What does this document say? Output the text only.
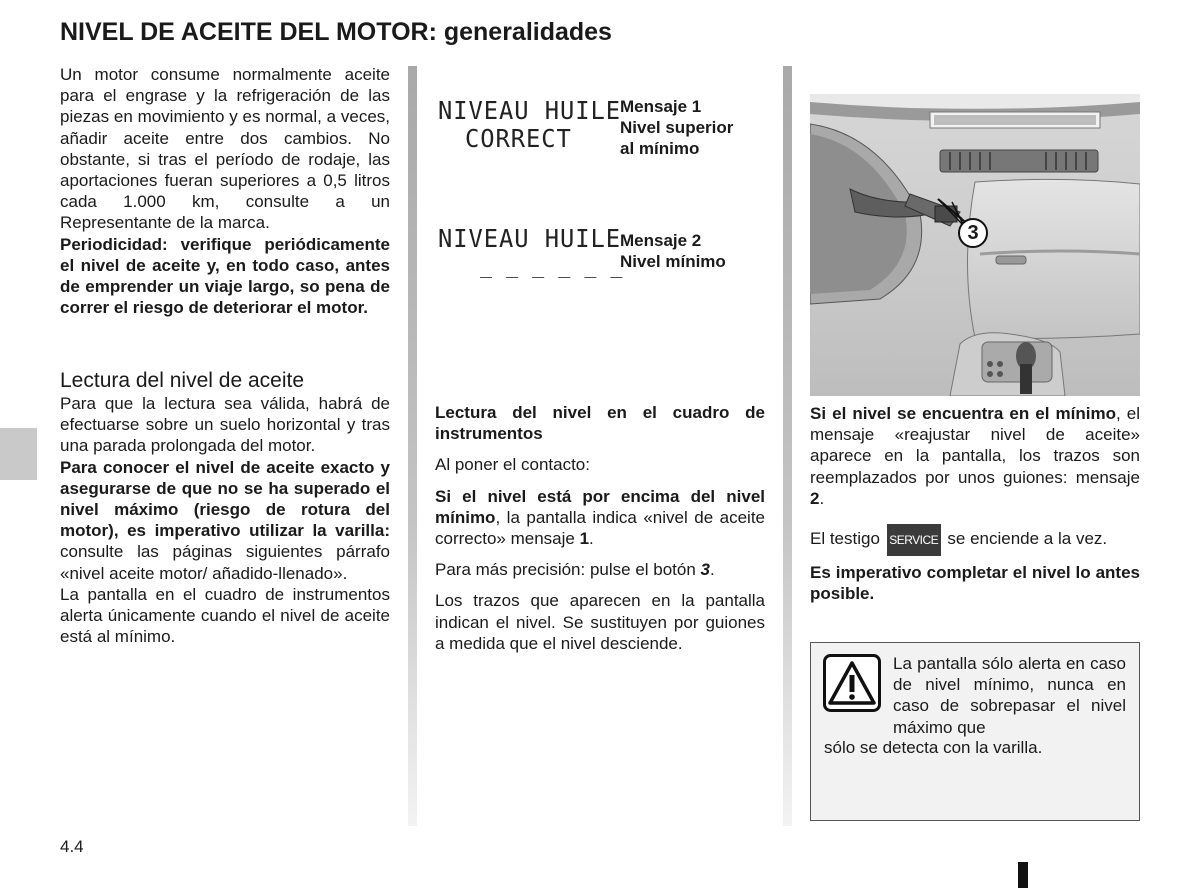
NIVEL DE ACEITE DEL MOTOR: generalidades

Un motor consume normalmente aceite para el engrase y la refrigeración de las piezas en movimiento y es normal, a veces, añadir aceite entre dos cambios. No obstante, si tras el período de rodaje, las aportaciones fueran superiores a 0,5 litros cada 1.000 km, consulte a un Representante de la marca.

Periodicidad: verifique periódicamente el nivel de aceite y, en todo caso, antes de emprender un viaje largo, so pena de correr el riesgo de deteriorar el motor.

Lectura del nivel de aceite

Para que la lectura sea válida, habrá de efectuarse sobre un suelo horizontal y tras una parada prolongada del motor.

Para conocer el nivel de aceite exacto y asegurarse de que no se ha superado el nivel máximo (riesgo de rotura del motor), es imperativo utilizar la varilla: consulte las páginas siguientes párrafo «nivel aceite motor/ añadido-llenado».

La pantalla en el cuadro de instrumentos alerta únicamente cuando el nivel de aceite está al mínimo.

NIVEAU HUILE
CORRECT
Mensaje 1
Nivel superior
al mínimo
NIVEAU HUILE
_ _ _ _ _ _
Mensaje 2
Nivel mínimo

Lectura del nivel en el cuadro de instrumentos

Al poner el contacto:

Si el nivel está por encima del nivel mínimo, la pantalla indica «nivel de aceite correcto» mensaje 1.

Para más precisión: pulse el botón 3.

Los trazos que aparecen en la pantalla indican el nivel. Se sustituyen por guiones a medida que el nivel desciende.

3

Si el nivel se encuentra en el mínimo, el mensaje «reajustar nivel de aceite» aparece en la pantalla, los trazos son reemplazados por unos guiones: mensaje 2.

El testigo SERVICE se enciende a la vez.
Es imperativo completar el nivel lo antes posible.
La pantalla sólo alerta en caso de nivel mínimo, nunca en caso de sobrepasar el nivel máximo que
sólo se detecta con la varilla.
4.4
